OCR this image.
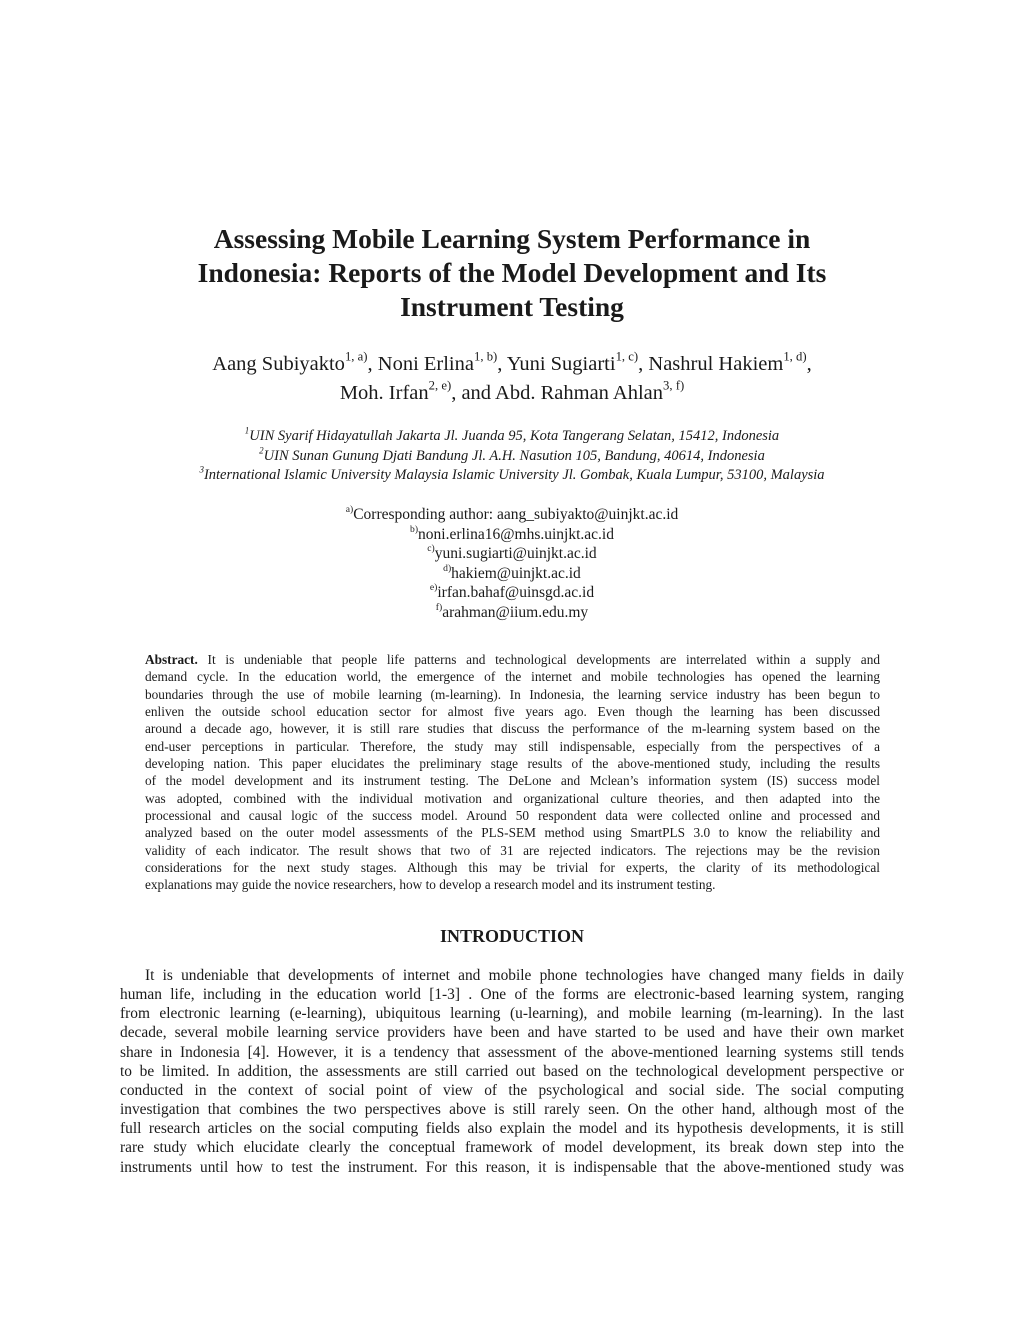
Assessing Mobile Learning System Performance in
Indonesia: Reports of the Model Development and Its
Instrument Testing
Aang Subiyakto$^{1, a)}$, Noni Erlina$^{1, b)}$, Yuni Sugiarti$^{1, c)}$, Nashrul Hakiem$^{1, d)}$,
Moh. Irfan$^{2, e)}$, and Abd. Rahman Ahlan$^{3, f)}$
$^1$UIN Syarif Hidayatullah Jakarta Jl. Juanda 95, Kota Tangerang Selatan, 15412, Indonesia
$^2$UIN Sunan Gunung Djati Bandung Jl. A.H. Nasution 105, Bandung, 40614, Indonesia
$^3$International Islamic University Malaysia Islamic University Jl. Gombak, Kuala Lumpur, 53100, Malaysia
$^{a)}$Corresponding author: aang_subiyakto@uinjkt.ac.id
$^{b)}$noni.erlina16@mhs.uinjkt.ac.id
$^{c)}$yuni.sugiarti@uinjkt.ac.id
$^{d)}$hakiem@uinjkt.ac.id
$^{e)}$irfan.bahaf@uinsgd.ac.id
$^{f)}$arahman@iium.edu.my
Abstract. It is undeniable that people life patterns and technological developments are interrelated within a supply and
demand cycle. In the education world, the emergence of the internet and mobile technologies has opened the learning
boundaries through the use of mobile learning (m-learning). In Indonesia, the learning service industry has been begun to
enliven the outside school education sector for almost five years ago. Even though the learning has been discussed
around a decade ago, however, it is still rare studies that discuss the performance of the m-learning system based on the
end-user perceptions in particular. Therefore, the study may still indispensable, especially from the perspectives of a
developing nation. This paper elucidates the preliminary stage results of the above-mentioned study, including the results
of the model development and its instrument testing. The DeLone and Mclean’s information system (IS) success model
was adopted, combined with the individual motivation and organizational culture theories, and then adapted into the
processional and causal logic of the success model. Around 50 respondent data were collected online and processed and
analyzed based on the outer model assessments of the PLS-SEM method using SmartPLS 3.0 to know the reliability and
validity of each indicator. The result shows that two of 31 are rejected indicators. The rejections may be the revision
considerations for the next study stages. Although this may be trivial for experts, the clarity of its methodological
explanations may guide the novice researchers, how to develop a research model and its instrument testing.
INTRODUCTION
It is undeniable that developments of internet and mobile phone technologies have changed many fields in daily
human life, including in the education world [1-3] . One of the forms are electronic-based learning system, ranging
from electronic learning (e-learning), ubiquitous learning (u-learning), and mobile learning (m-learning). In the last
decade, several mobile learning service providers have been and have started to be used and have their own market
share in Indonesia [4]. However, it is a tendency that assessment of the above-mentioned learning systems still tends
to be limited. In addition, the assessments are still carried out based on the technological development perspective or
conducted in the context of social point of view of the psychological and social side. The social computing
investigation that combines the two perspectives above is still rarely seen. On the other hand, although most of the
full research articles on the social computing fields also explain the model and its hypothesis developments, it is still
rare study which elucidate clearly the conceptual framework of model development, its break down step into the
instruments until how to test the instrument. For this reason, it is indispensable that the above-mentioned study was
